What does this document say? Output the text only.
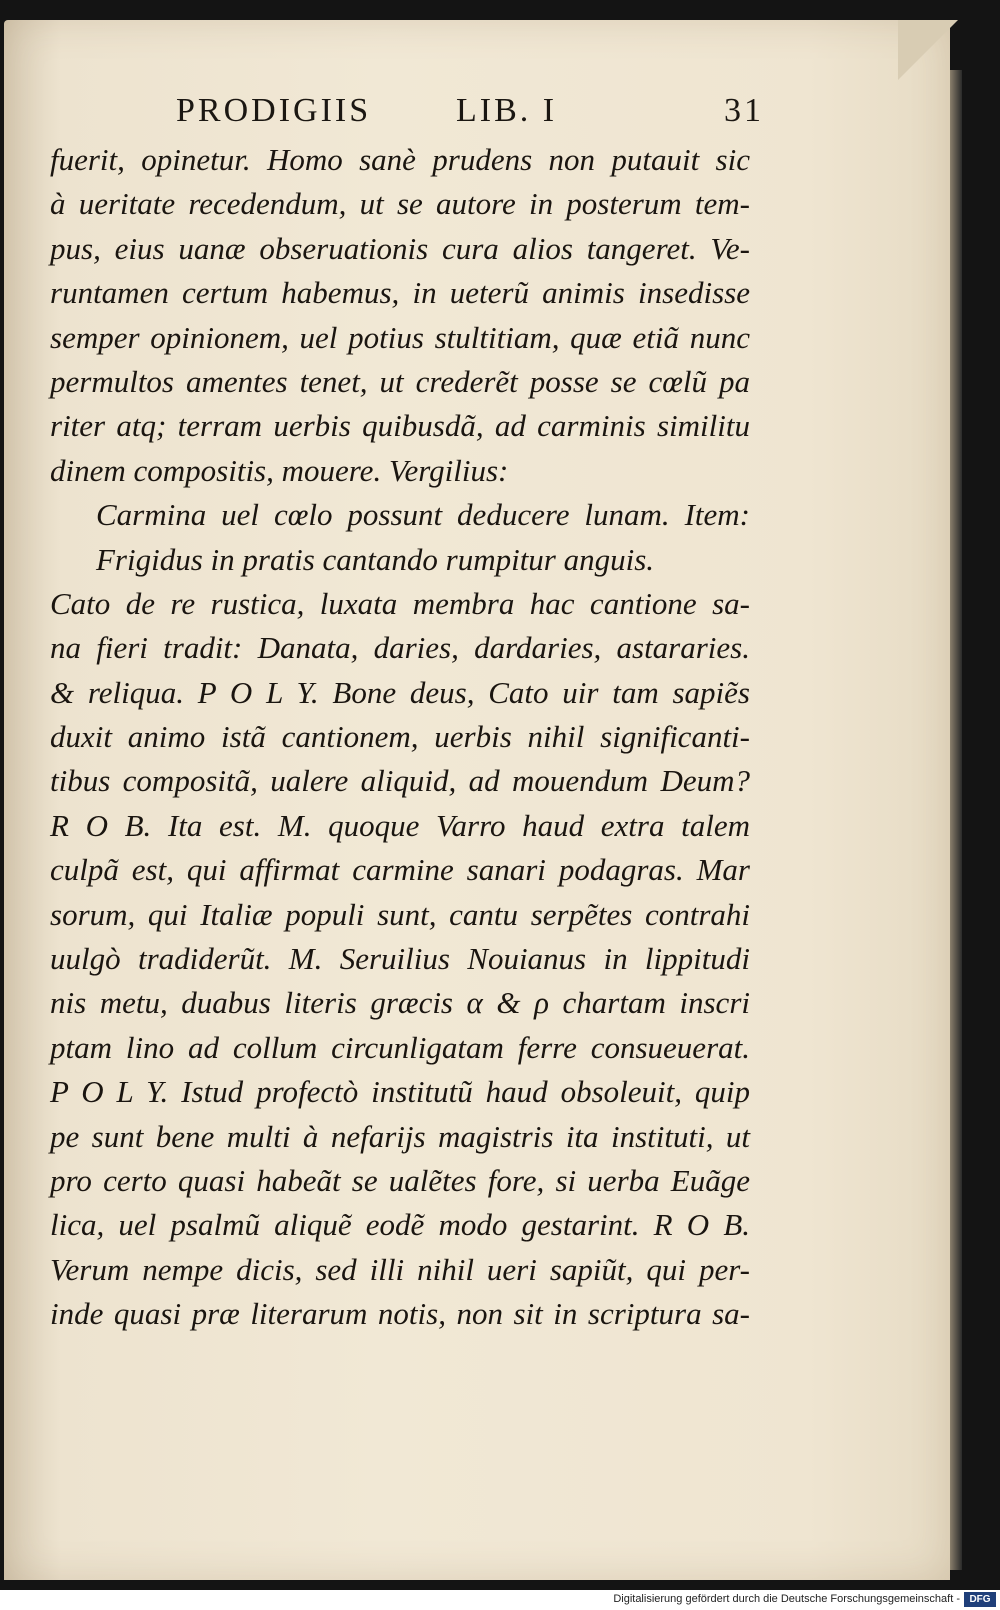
PRODIGIIS LIB. I	31
fuerit, opinetur. Homo sanè prudens non putauit sic
à ueritate recedendum, ut se autore in posterum tem-
pus, eius uanæ obseruationis cura alios tangeret. Ve-
runtamen certum habemus, in ueterũ animis insedisse
semper opinionem, uel potius stultitiam, quæ etiã nunc
permultos amentes tenet, ut crederẽt posse se cœlũ pa
riter atq; terram uerbis quibusdã, ad carminis similitu
dinem compositis, mouere. Vergilius:
Carmina uel cœlo possunt deducere lunam. Item:
Frigidus in pratis cantando rumpitur anguis.
Cato de re rustica, luxata membra hac cantione sa-
na fieri tradit: Danata, daries, dardaries, astararies.
& reliqua. P O L Y. Bone deus, Cato uir tam sapiẽs
duxit animo istã cantionem, uerbis nihil significanti-
tibus compositã, ualere aliquid, ad mouendum Deum?
R O B. Ita est. M. quoque Varro haud extra talem
culpã est, qui affirmat carmine sanari podagras. Mar
sorum, qui Italiæ populi sunt, cantu serpẽtes contrahi
uulgò tradiderũt. M. Seruilius Nouianus in lippitudi
nis metu, duabus literis græcis α & ρ chartam inscri
ptam lino ad collum circunligatam ferre consueuerat.
P O L Y. Istud profectò institutũ haud obsoleuit, quip
pe sunt bene multi à nefarijs magistris ita instituti, ut
pro certo quasi habeãt se ualẽtes fore, si uerba Euãge
lica, uel psalmũ aliquẽ eodẽ modo gestarint. R O B.
Verum nempe dicis, sed illi nihil ueri sapiũt, qui per-
inde quasi præ literarum notis, non sit in scriptura sa-
Digitalisierung gefördert durch die Deutsche Forschungsgemeinschaft - DFG
